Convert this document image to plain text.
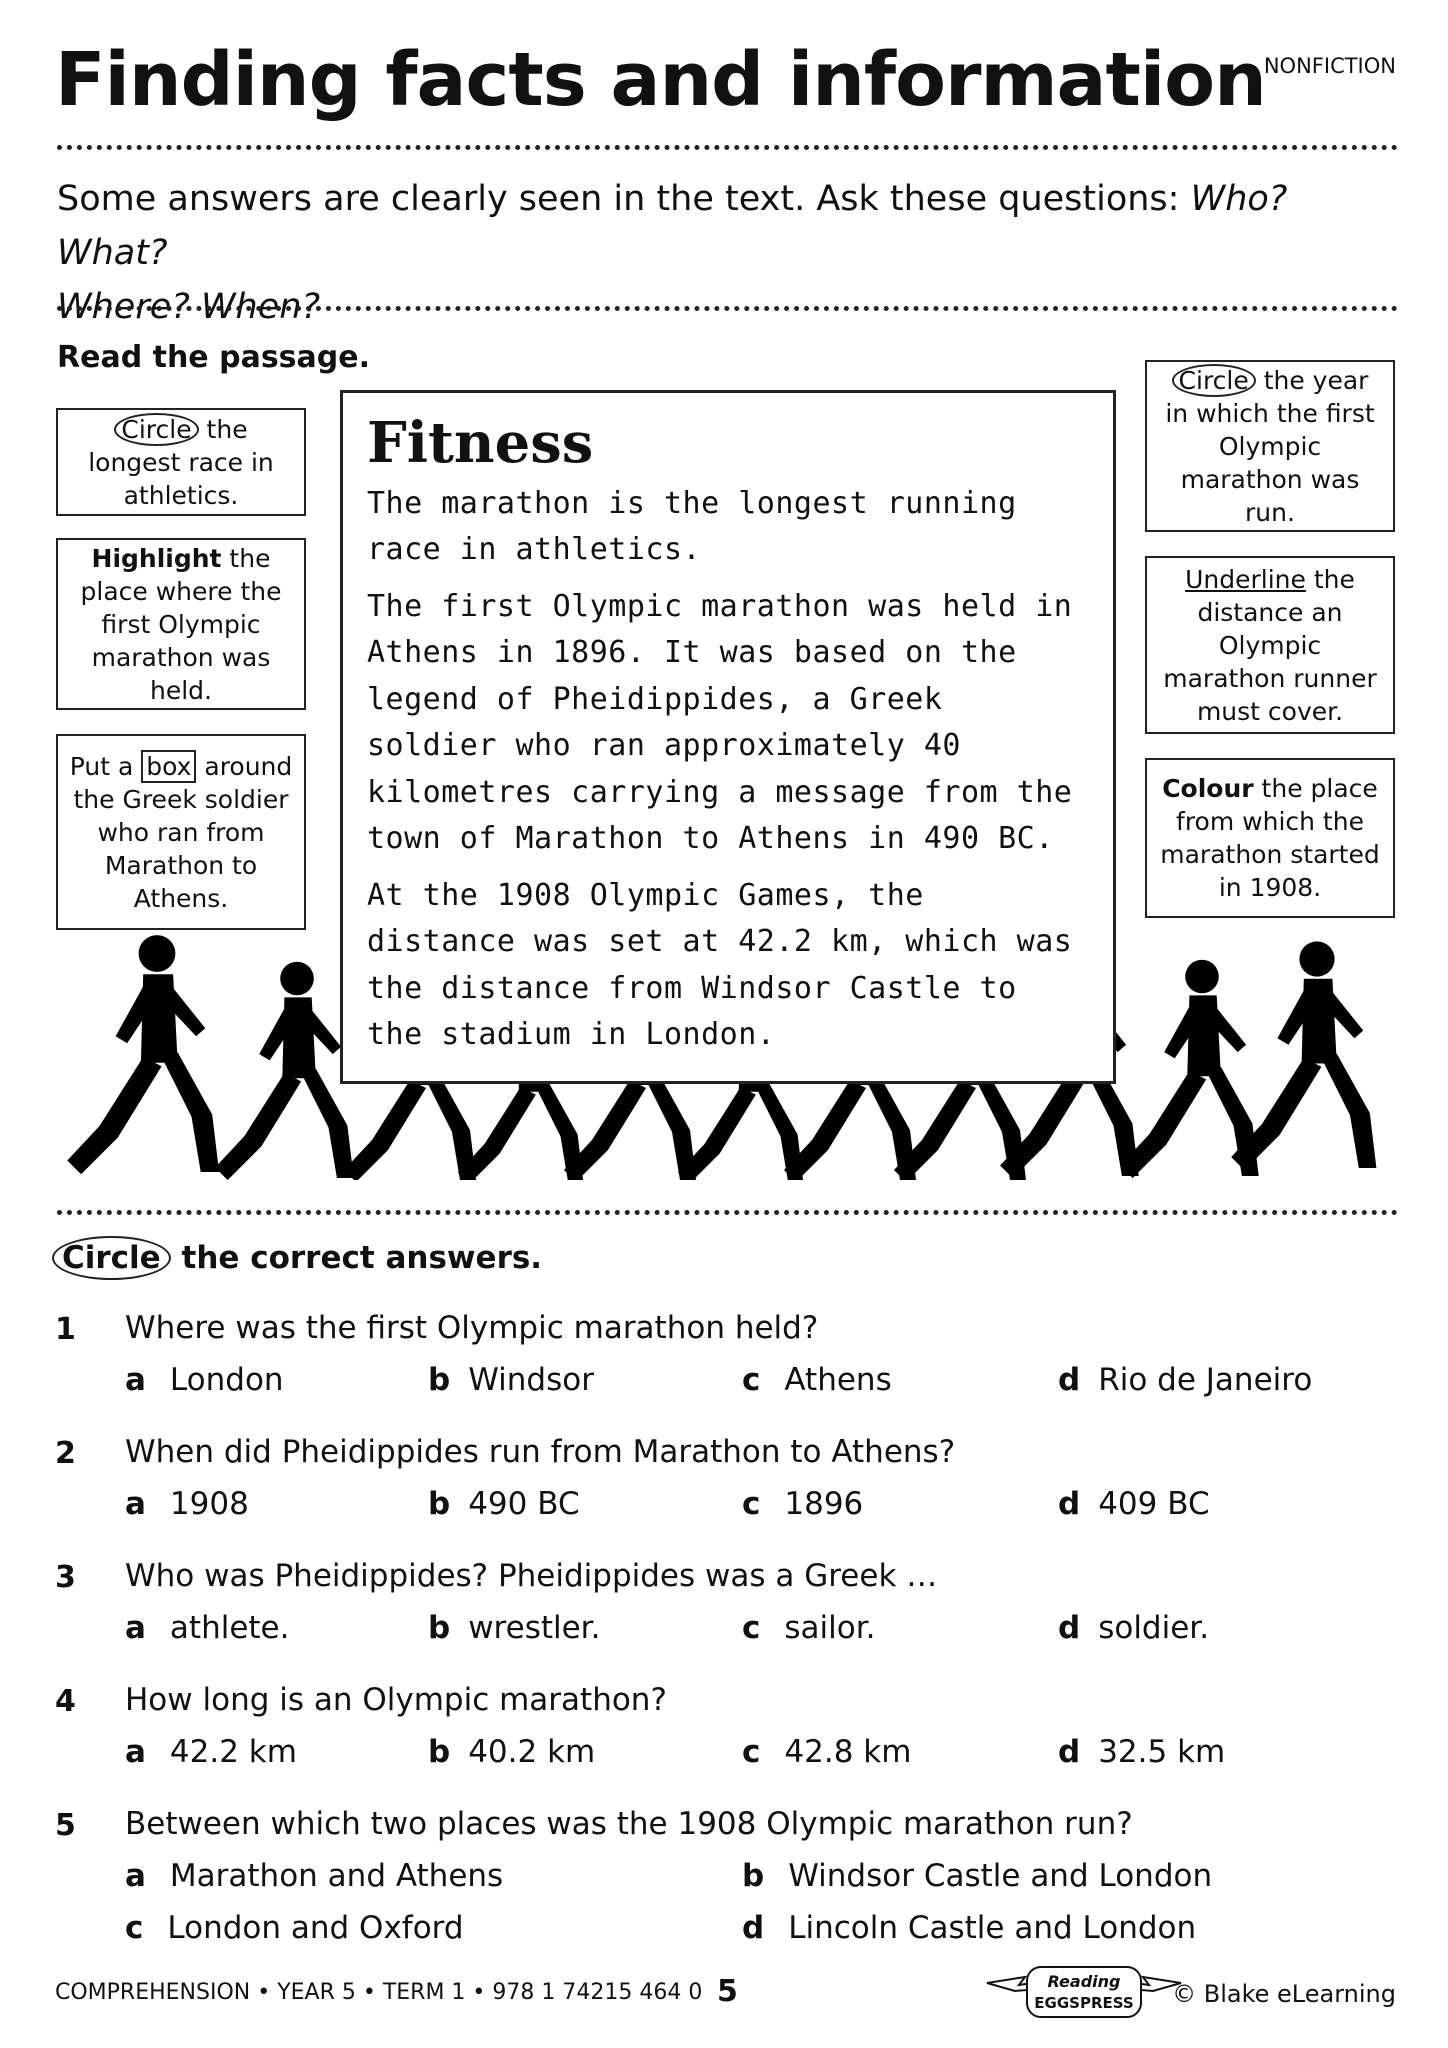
Finding facts and information
NONFICTION
Some answers are clearly seen in the text. Ask these questions: Who? What?
Where? When?
Read the passage.
Circle the longest race in athletics.
Highlight the place where the first Olympic marathon was held.
Put a box around the Greek soldier who ran from Marathon to Athens.
Circle the year in which the first Olympic marathon was run.
Underline the distance an Olympic marathon runner must cover.
Colour the place from which the marathon started in 1908.
Fitness

The marathon is the longest running race in athletics.

The first Olympic marathon was held in Athens in 1896. It was based on the legend of Pheidippides, a Greek soldier who ran approximately 40 kilometres carrying a message from the town of Marathon to Athens in 490 BC.

At the 1908 Olympic Games, the distance was set at 42.2 km, which was the distance from Windsor Castle to the stadium in London.

Circle the correct answers.
1 Where was the first Olympic marathon held?
a London	b Windsor	c Athens	d Rio de Janeiro
2 When did Pheidippides run from Marathon to Athens?
a 1908	b 490 BC	c 1896	d 409 BC
3 Who was Pheidippides? Pheidippides was a Greek …
a athlete.	b wrestler.	c sailor.	d soldier.
4 How long is an Olympic marathon?
a 42.2 km	b 40.2 km	c 42.8 km	d 32.5 km
5 Between which two places was the 1908 Olympic marathon run?
a Marathon and Athens	b Windsor Castle and London
c London and Oxford	d Lincoln Castle and London
COMPREHENSION • YEAR 5 • TERM 1 • 978 1 74215 464 0 5	Reading
EGGSPRESS © Blake eLearning
